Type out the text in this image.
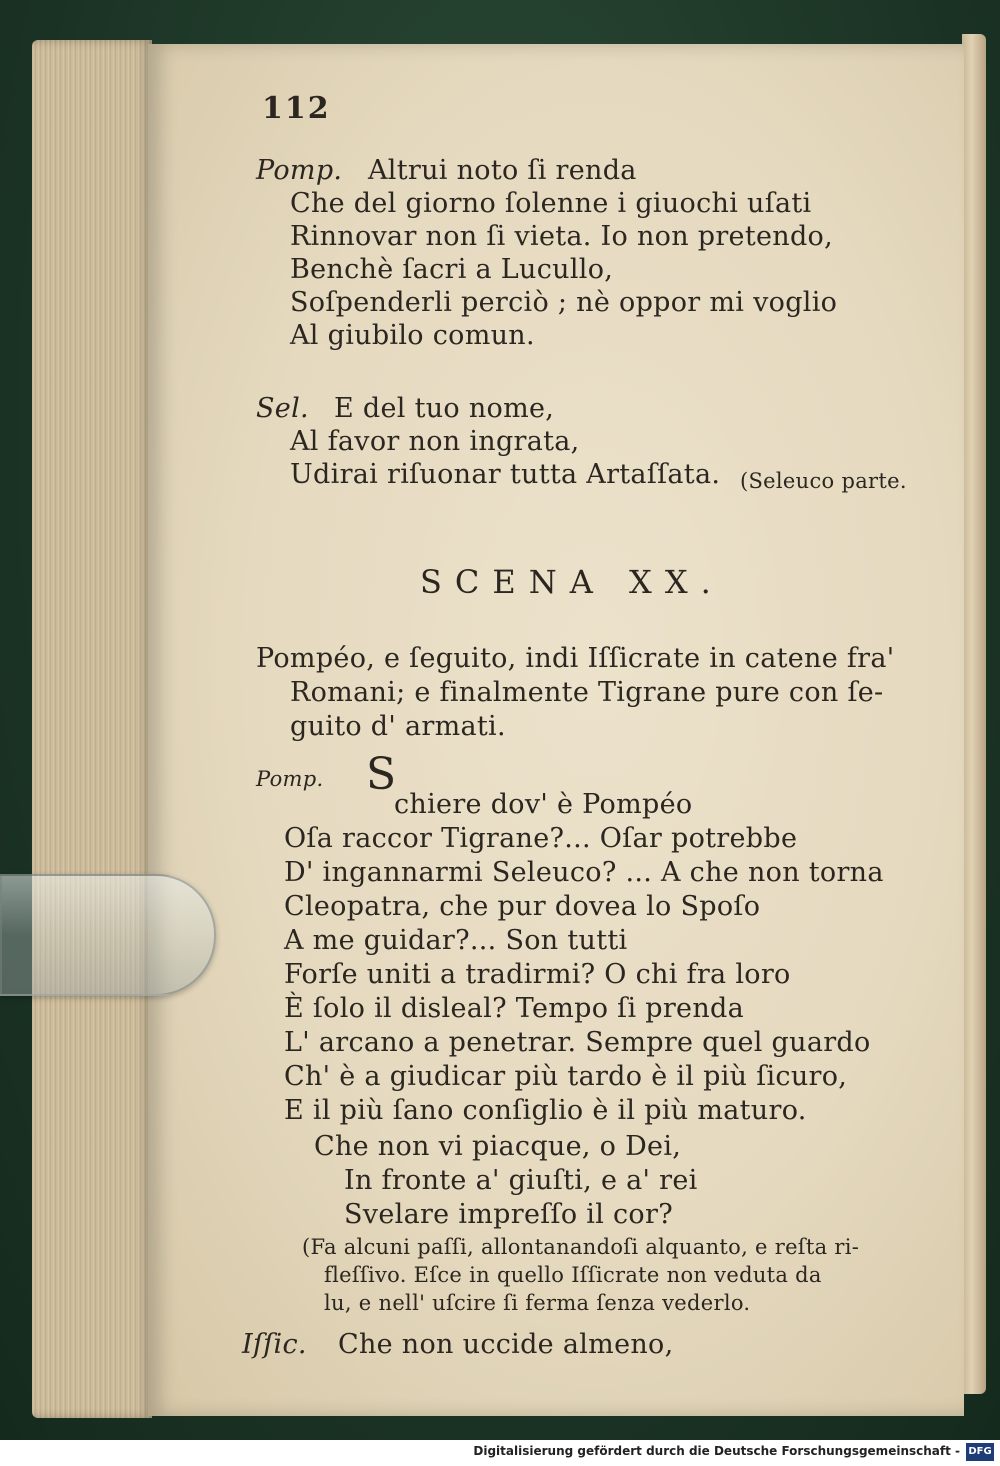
112
Pomp. Altrui noto ſi renda
Che del giorno ſolenne i giuochi uſati
Rinnovar non ſi vieta. Io non pretendo,
Benchè ſacri a Lucullo,
Soſpenderli perciò ; nè oppor mi voglio
Al giubilo comun.
Sel. E del tuo nome,
Al favor non ingrata,
Udirai riſuonar tutta Artaſſata. (Seleuco parte.
SCENA XX.
Pompéo, e ſeguito, indi Iſſicrate in catene fra'
Romani; e finalmente Tigrane pure con ſe-
guito d' armati.
Pomp. S
chiere dov' è Pompéo
Oſa raccor Tigrane?... Oſar potrebbe
D' ingannarmi Seleuco? ... A che non torna
Cleopatra, che pur dovea lo Spoſo
A me guidar?... Son tutti
Forſe uniti a tradirmi? O chi fra loro
È ſolo il disleal? Tempo ſi prenda
L' arcano a penetrar. Sempre quel guardo
Ch' è a giudicar più tardo è il più ſicuro,
E il più ſano conſiglio è il più maturo.
Che non vi piacque, o Dei,
In fronte a' giuſti, e a' rei
Svelare impreſſo il cor?
(Fa alcuni paſſi, allontanandoſi alquanto, e reſta ri-
fleſſivo. Eſce in quello Iſſicrate non veduta da
lu, e nell' uſcire ſi ferma ſenza vederlo.
Iſſic. Che non uccide almeno,
Digitalisierung gefördert durch die Deutsche Forschungsgemeinschaft - DFG
